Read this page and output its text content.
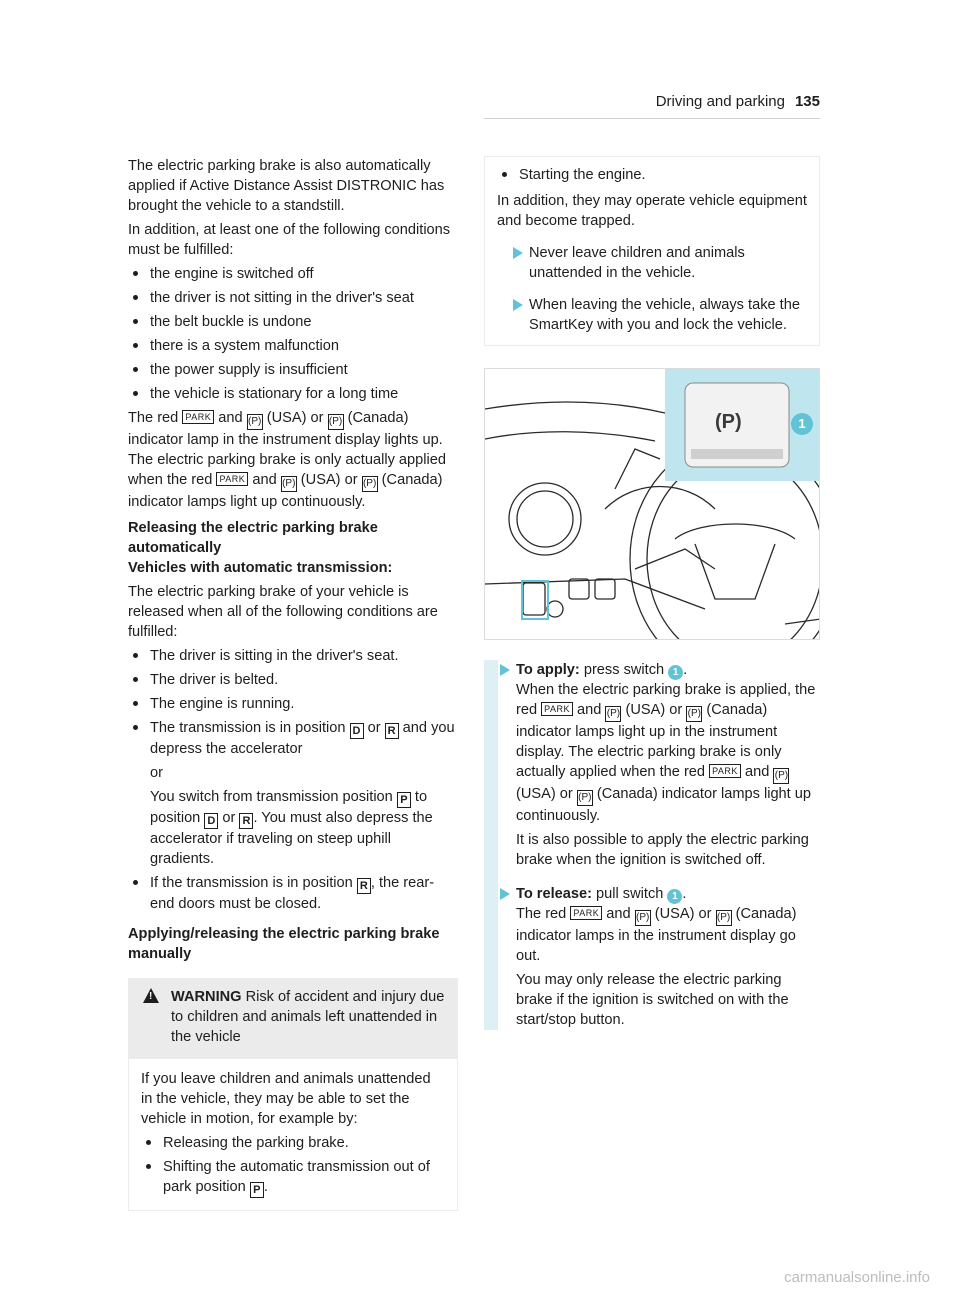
Driving and parking 135

The electric parking brake is also automatically applied if Active Distance Assist DISTRONIC has brought the vehicle to a standstill.

In addition, at least one of the following conditions must be fulfilled:

the engine is switched off
the driver is not sitting in the driver's seat
the belt buckle is undone
there is a system malfunction
the power supply is insufficient
the vehicle is stationary for a long time

The red PARK and (P) (USA) or (P) (Canada) indicator lamp in the instrument display lights up. The electric parking brake is only actually applied when the red PARK and (P) (USA) or (P) (Canada) indicator lamps light up continuously.

Releasing the electric parking brake automatically

Vehicles with automatic transmission:

The electric parking brake of your vehicle is released when all of the following conditions are fulfilled:

The driver is sitting in the driver's seat.
The driver is belted.
The engine is running.
The transmission is in position D or R and you depress the accelerator
or
You switch from transmission position P to position D or R . You must also depress the accelerator if traveling on steep uphill gradients.
If the transmission is in position R , the rear-end doors must be closed.

Applying/releasing the electric parking brake manually

!	WARNING Risk of accident and injury due to children and animals left unattended in the vehicle

If you leave children and animals unattended in the vehicle, they may be able to set the vehicle in motion, for example by:

Releasing the parking brake.
Shifting the automatic transmission out of park position P .
Starting the engine.

In addition, they may operate vehicle equipment and become trapped.

Never leave children and animals unattended in the vehicle.
When leaving the vehicle, always take the SmartKey with you and lock the vehicle.
(P)	1
To apply: press switch 1 .
When the electric parking brake is applied, the red PARK and (P) (USA) or (P) (Canada) indicator lamps light up in the instrument display. The electric parking brake is only actually applied when the red PARK and (P) (USA) or (P) (Canada) indicator lamps light up continuously.

It is also possible to apply the electric parking brake when the ignition is switched off.

To release: pull switch 1 .
The red PARK and (P) (USA) or (P) (Canada) indicator lamps in the instrument display go out.

You may only release the electric parking brake if the ignition is switched on with the start/stop button.

carmanualsonline.info
